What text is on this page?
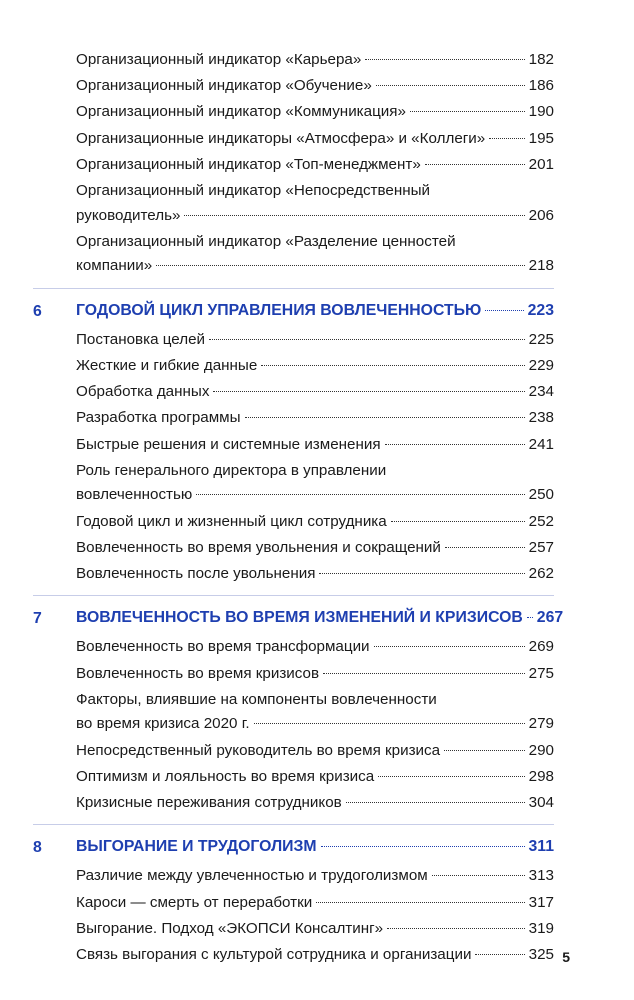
Организационный индикатор «Карьера»	182
Организационный индикатор «Обучение»	186
Организационный индикатор «Коммуникация»	190
Организационные индикаторы «Атмосфера» и «Коллеги»	195
Организационный индикатор «Топ-менеджмент»	201
Организационный индикатор «Непосредственный
руководитель»	206
Организационный индикатор «Разделение ценностей
компании»	218
6 ГОДОВОЙ ЦИКЛ УПРАВЛЕНИЯ ВОВЛЕЧЕННОСТЬЮ	223
Постановка целей	225
Жесткие и гибкие данные	229
Обработка данных	234
Разработка программы	238
Быстрые решения и системные изменения	241
Роль генерального директора в управлении
вовлеченностью	250
Годовой цикл и жизненный цикл сотрудника	252
Вовлеченность во время увольнения и сокращений	257
Вовлеченность после увольнения	262
7 ВОВЛЕЧЕННОСТЬ ВО ВРЕМЯ ИЗМЕНЕНИЙ И КРИЗИСОВ 267
Вовлеченность во время трансформации	269
Вовлеченность во время кризисов	275
Факторы, влиявшие на компоненты вовлеченности
во время кризиса 2020 г.	279
Непосредственный руководитель во время кризиса	290
Оптимизм и лояльность во время кризиса	298
Кризисные переживания сотрудников	304
8 ВЫГОРАНИЕ И ТРУДОГОЛИЗМ	311
Различие между увлеченностью и трудоголизмом	313
Кароси — смерть от переработки	317
Выгорание. Подход «ЭКОПСИ Консалтинг»	319
Связь выгорания с культурой сотрудника и организации	325 5
